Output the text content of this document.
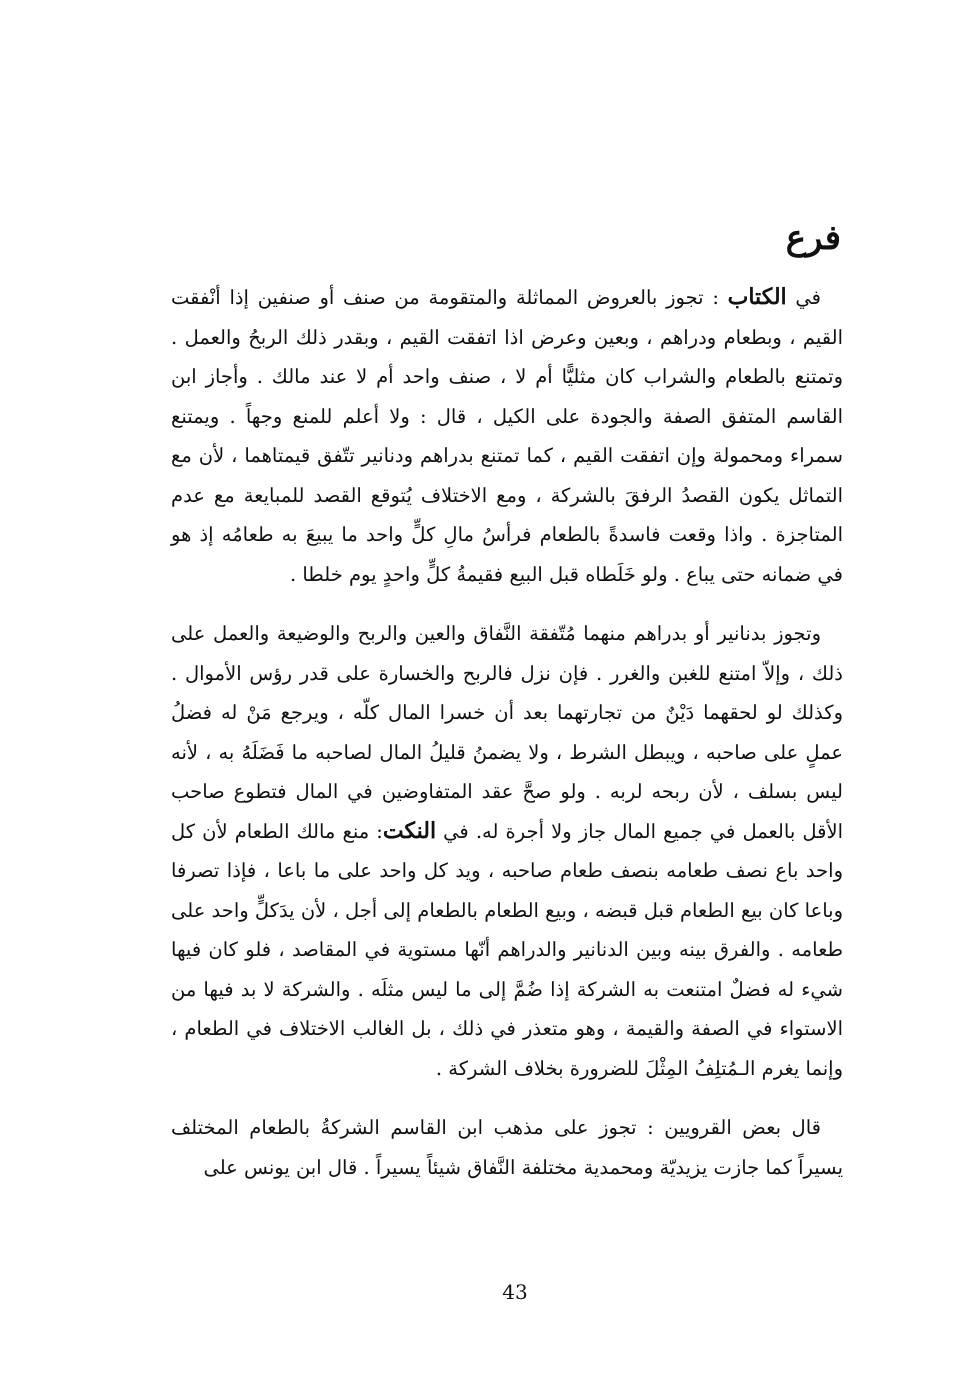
فرع

في الكتاب : تجوز بالعروض المماثلة والمتقومة من صنف أو صنفين إذا أنْفقت القيم ، وبطعام ودراهم ، وبعين وعرض اذا اتفقت القيم ، وبقدر ذلك الربحُ والعمل . وتمتنع بالطعام والشراب كان مثليًّا أم لا ، صنف واحد أم لا عند مالك . وأجاز ابن القاسم المتفق الصفة والجودة على الكيل ، قال : ولا أعلم للمنع وجهاً . ويمتنع سمراء ومحمولة وإن اتفقت القيم ، كما تمتنع بدراهم ودنانير تتّفق قيمتاهما ، لأن مع التماثل يكون القصدُ الرفقَ بالشركة ، ومع الاختلاف يُتوقع القصد للمبايعة مع عدم المتاجزة . واذا وقعت فاسدةً بالطعام فرأسُ مالِ كلٍّ واحد ما يبيعَ به طعامُه إذ هو في ضمانه حتى يباع . ولو خَلَطاه قبل البيع فقيمةُ كلٍّ واحدٍ يوم خلطا .

وتجوز بدنانير أو بدراهم منهما مُتّفقة النَّفاق والعين والربح والوضيعة والعمل على ذلك ، وإلاّ امتنع للغبن والغرر . فإن نزل فالربح والخسارة على قدر رؤس الأموال . وكذلك لو لحقهما دَيْنٌ من تجارتهما بعد أن خسرا المال كلّه ، ويرجع مَنْ له فضلُ عملٍ على صاحبه ، ويبطل الشرط ، ولا يضمنُ قليلُ المال لصاحبه ما فَضَلَهُ به ، لأنه ليس بسلف ، لأن ربحه لربه . ولو صحَّ عقد المتفاوضين في المال فتطوع صاحب الأقل بالعمل في جميع المال جاز ولا أجرة له. في النكت: منع مالك الطعام لأن كل واحد باع نصف طعامه بنصف طعام صاحبه ، ويد كل واحد على ما باعا ، فإذا تصرفا وباعا كان بيع الطعام قبل قبضه ، وبيع الطعام بالطعام إلى أجل ، لأن يدَكلٍّ واحد على طعامه . والفرق بينه وبين الدنانير والدراهم أنّها مستوية في المقاصد ، فلو كان فيها شيء له فضلٌ امتنعت به الشركة إذا ضُمَّ إلى ما ليس مثلَه . والشركة لا بد فيها من الاستواء في الصفة والقيمة ، وهو متعذر في ذلك ، بل الغالب الاختلاف في الطعام ، وإنما يغرم الـمُتلِفُ المِثْلَ للضرورة بخلاف الشركة .

قال بعض القرويين : تجوز على مذهب ابن القاسم الشركةُ بالطعام المختلف يسيراً كما جازت يزيديّة ومحمدية مختلفة النَّفاق شيئاً يسيراً . قال ابن يونس على

43
